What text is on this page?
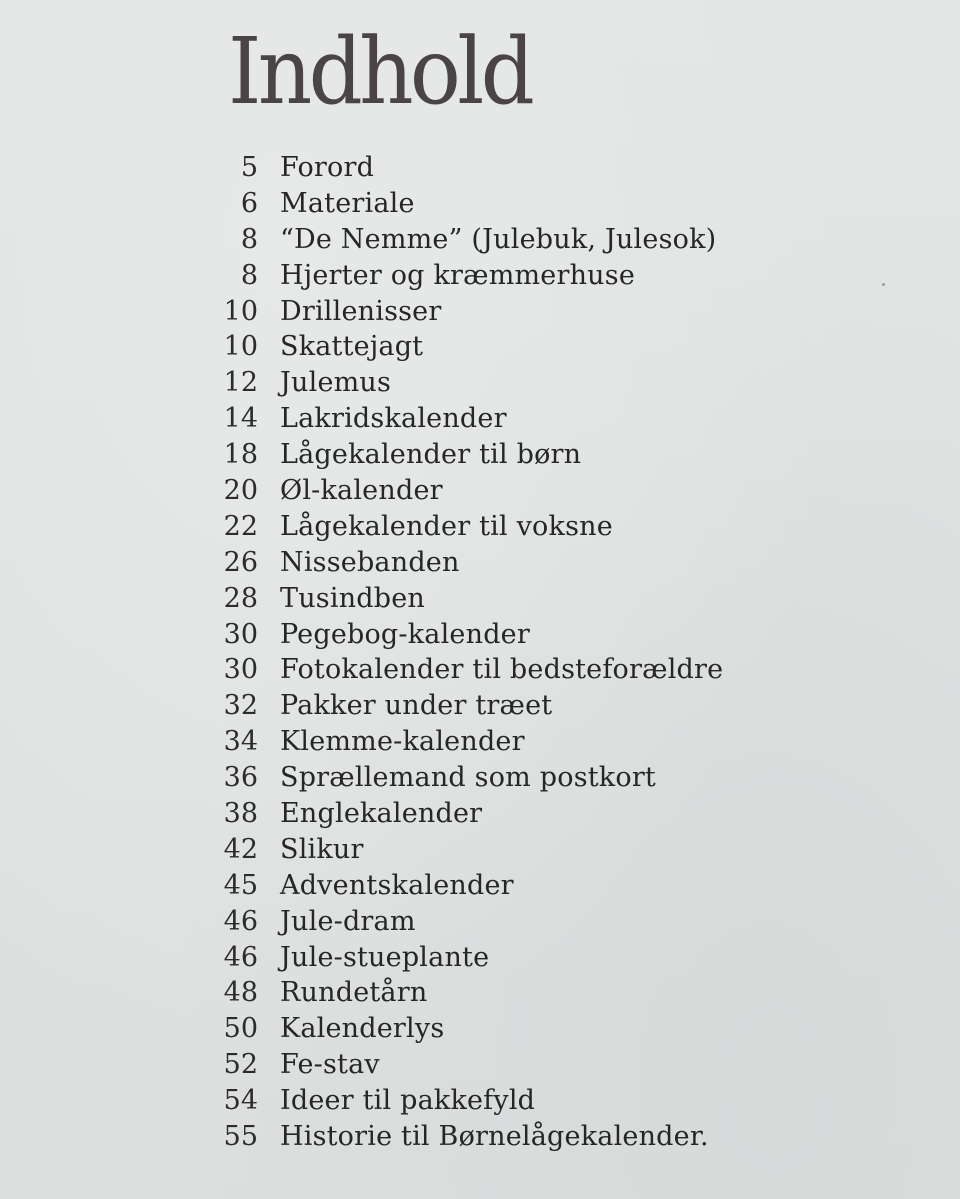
Indhold
5 Forord
6 Materiale
8 “De Nemme” (Julebuk, Julesok)
8 Hjerter og kræmmerhuse
10 Drillenisser
10 Skattejagt
12 Julemus
14 Lakridskalender
18 Lågekalender til børn
20 Øl-kalender
22 Lågekalender til voksne
26 Nissebanden
28 Tusindben
30 Pegebog-kalender
30 Fotokalender til bedsteforældre
32 Pakker under træet
34 Klemme-kalender
36 Sprællemand som postkort
38 Englekalender
42 Slikur
45 Adventskalender
46 Jule-dram
46 Jule-stueplante
48 Rundetårn
50 Kalenderlys
52 Fe-stav
54 Ideer til pakkefyld
55 Historie til Børnelågekalender.
